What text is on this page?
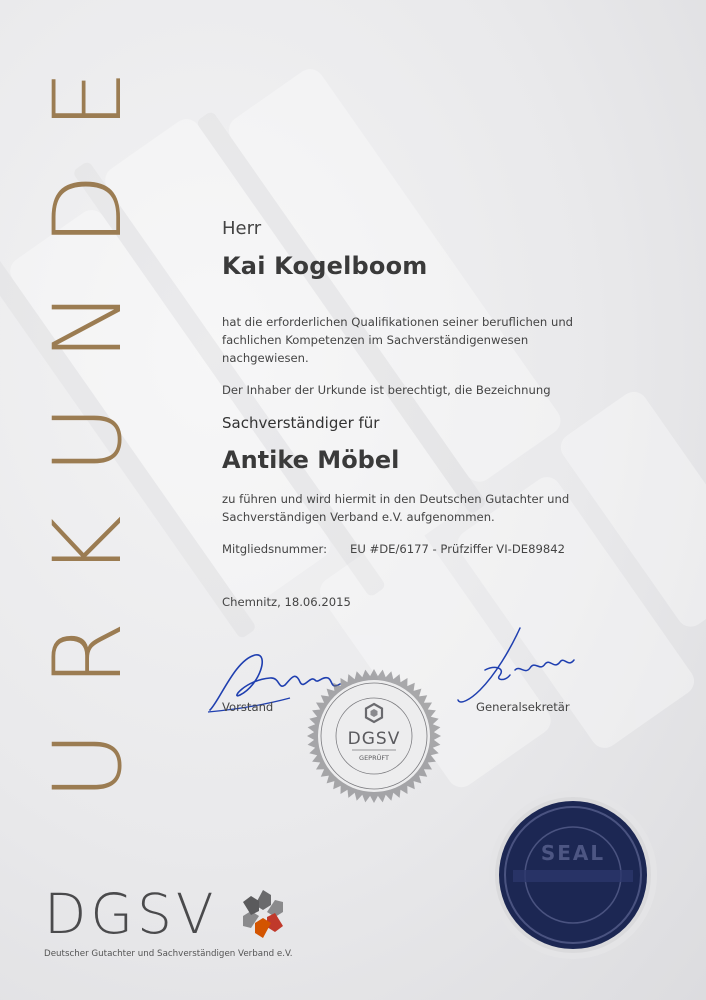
URKUNDE
Herr
Kai Kogelboom
hat die erforderlichen Qualifikationen seiner beruflichen und fachlichen Kompetenzen im Sachverständigenwesen nachgewiesen.
Der Inhaber der Urkunde ist berechtigt, die Bezeichnung
Sachverständiger für
Antike Möbel
zu führen und wird hiermit in den Deutschen Gutachter und Sachverständigen Verband e.V. aufgenommen.
Mitgliedsnummer: EU #DE/6177 - Prüfziffer VI-DE89842
Chemnitz, 18.06.2015
Vorstand	Generalsekretär
DGSV
GEPRÜFT
SEAL
DGSV
Deutscher Gutachter und Sachverständigen Verband e.V.
